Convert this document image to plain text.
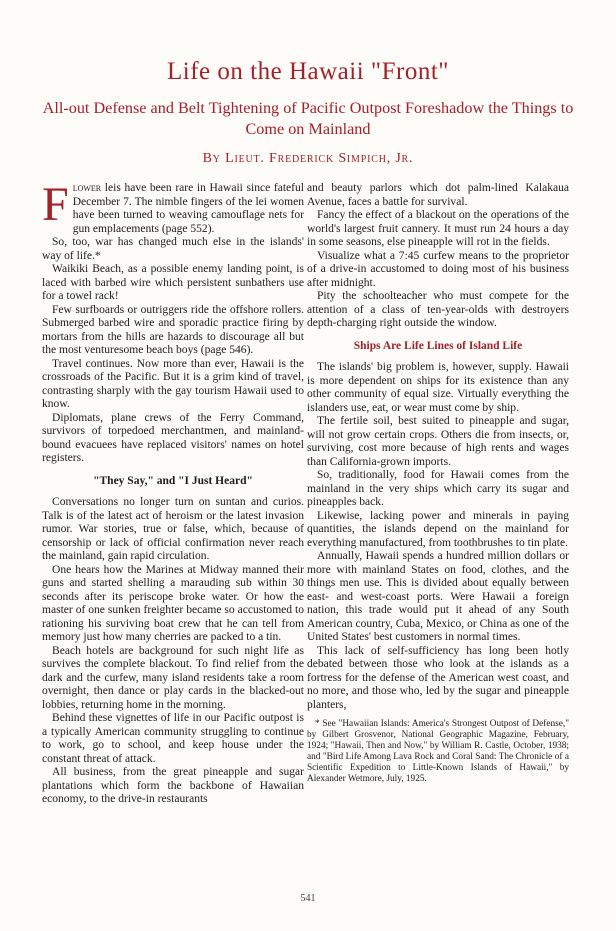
Life on the Hawaii "Front"
All-out Defense and Belt Tightening of Pacific Outpost Foreshadow the Things to Come on Mainland
By Lieut. Frederick Simpich, Jr.

Flower leis have been rare in Hawaii since fateful December 7. The nimble fingers of the lei women have been turned to weaving camouflage nets for gun emplacements (page 552).

So, too, war has changed much else in the islands' way of life.*

Waikiki Beach, as a possible enemy landing point, is laced with barbed wire which persistent sunbathers use for a towel rack!

Few surfboards or outriggers ride the offshore rollers. Submerged barbed wire and sporadic practice firing by mortars from the hills are hazards to discourage all but the most venturesome beach boys (page 546).

Travel continues. Now more than ever, Hawaii is the crossroads of the Pacific. But it is a grim kind of travel, contrasting sharply with the gay tourism Hawaii used to know.

Diplomats, plane crews of the Ferry Command, survivors of torpedoed merchantmen, and mainland-bound evacuees have replaced visitors' names on hotel registers.

"They Say," and "I Just Heard"

Conversations no longer turn on suntan and curios. Talk is of the latest act of heroism or the latest invasion rumor. War stories, true or false, which, because of censorship or lack of official confirmation never reach the mainland, gain rapid circulation.

One hears how the Marines at Midway manned their guns and started shelling a marauding sub within 30 seconds after its periscope broke water. Or how the master of one sunken freighter became so accustomed to rationing his surviving boat crew that he can tell from memory just how many cherries are packed to a tin.

Beach hotels are background for such night life as survives the complete blackout. To find relief from the dark and the curfew, many island residents take a room overnight, then dance or play cards in the blacked-out lobbies, returning home in the morning.

Behind these vignettes of life in our Pacific outpost is a typically American community struggling to continue to work, go to school, and keep house under the constant threat of attack.

All business, from the great pineapple and sugar plantations which form the backbone of Hawaiian economy, to the drive-in restaurants

and beauty parlors which dot palm-lined Kalakaua Avenue, faces a battle for survival.

Fancy the effect of a blackout on the operations of the world's largest fruit cannery. It must run 24 hours a day in some seasons, else pineapple will rot in the fields.

Visualize what a 7:45 curfew means to the proprietor of a drive-in accustomed to doing most of his business after midnight.

Pity the schoolteacher who must compete for the attention of a class of ten-year-olds with destroyers depth-charging right outside the window.

Ships Are Life Lines of Island Life

The islands' big problem is, however, supply. Hawaii is more dependent on ships for its existence than any other community of equal size. Virtually everything the islanders use, eat, or wear must come by ship.

The fertile soil, best suited to pineapple and sugar, will not grow certain crops. Others die from insects, or, surviving, cost more because of high rents and wages than California-grown imports.

So, traditionally, food for Hawaii comes from the mainland in the very ships which carry its sugar and pineapples back.

Likewise, lacking power and minerals in paying quantities, the islands depend on the mainland for everything manufactured, from toothbrushes to tin plate.

Annually, Hawaii spends a hundred million dollars or more with mainland States on food, clothes, and the things men use. This is divided about equally between east- and west-coast ports. Were Hawaii a foreign nation, this trade would put it ahead of any South American country, Cuba, Mexico, or China as one of the United States' best customers in normal times.

This lack of self-sufficiency has long been hotly debated between those who look at the islands as a fortress for the defense of the American west coast, and no more, and those who, led by the sugar and pineapple planters,

* See "Hawaiian Islands: America's Strongest Outpost of Defense," by Gilbert Grosvenor, National Geographic Magazine, February, 1924; "Hawaii, Then and Now," by William R. Castle, October, 1938; and "Bird Life Among Lava Rock and Coral Sand: The Chronicle of a Scientific Expedition to Little-Known Islands of Hawaii," by Alexander Wetmore, July, 1925.

541
